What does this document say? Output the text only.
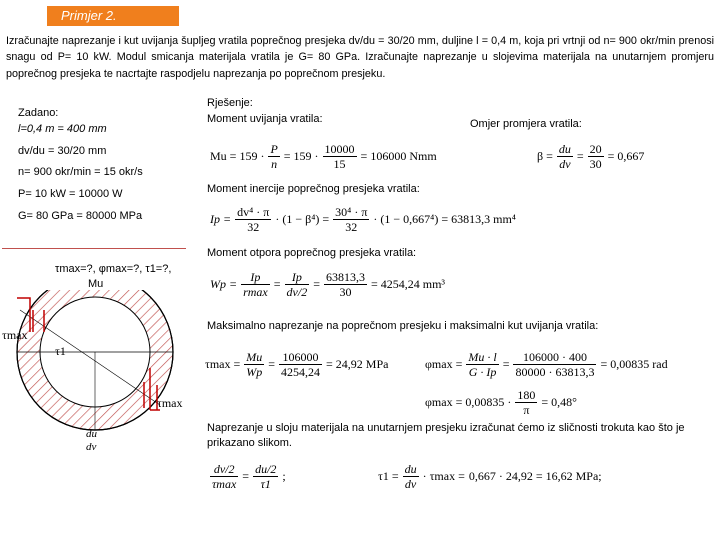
Primjer 2.
Izračunajte naprezanje i kut uvijanja šupljeg vratila poprečnog presjeka dv/du = 30/20 mm, duljine l = 0,4 m, koja pri vrtnji od n= 900 okr/min prenosi snagu od P= 10 kW. Modul smicanja materijala vratila je G= 80 GPa. Izračunajte naprezanje u slojevima materijala na unutarnjem promjeru poprečnog presjeka te nacrtajte raspodjelu naprezanja po poprečnom presjeku.
Zadano:
l=0,4 m = 400 mm
dv/du = 30/20 mm
n= 900 okr/min = 15 okr/s
P= 10 kW = 10000 W
G= 80 GPa = 80000 MPa
τmax=?, φmax=?, τ1=?,
Mu
Rješenje:
Moment uvijanja vratila:	Omjer promjera vratila:
Moment inercije poprečnog presjeka vratila:
Moment otpora poprečnog presjeka vratila:
Maksimalno naprezanje na poprečnom presjeku i maksimalni kut uvijanja vratila:
Naprezanje u sloju materijala na unutarnjem presjeku izračunat ćemo iz sličnosti trokuta kao što je prikazano slikom.
$Mu = 159 \cdot \frac{P}{n} = 159 \cdot \frac{10000}{15} = 106000$ Nmm	$\beta = \frac{du}{dv} = \frac{20}{30} = 0,667$
$Ip = \frac{\text{dv⁴ · π}}{32} \cdot (1 - \beta^4) = \frac{\text{30⁴ · π}}{32} \cdot (1 - 0,667^4) = 63813,3$ mm⁴
$Wp = \frac{Ip}{rmax} = \frac{Ip}{dv/2} = \frac{63813,3}{30} = 4254,24$ mm³
$\tau\max = \frac{Mu}{Wp} = \frac{106000}{4254,24} = 24,92$ MPa	$\varphi\max = \frac{Mu \cdot l}{G \cdot Ip} = \frac{106000 \cdot 400}{80000 \cdot 63813,3} = 0,00835$ rad
$\varphi\max = 0,00835 \cdot \frac{180}{\pi} = 0,48^\circ$
$\frac{dv/2}{\tau\max} = \frac{du/2}{\tau 1}$ ;	$\tau 1 = \frac{du}{dv} \cdot \tau\max = 0,667 \cdot 24,92 = 16,62$ MPa;
τmax
τ1
τmax
du
dv
